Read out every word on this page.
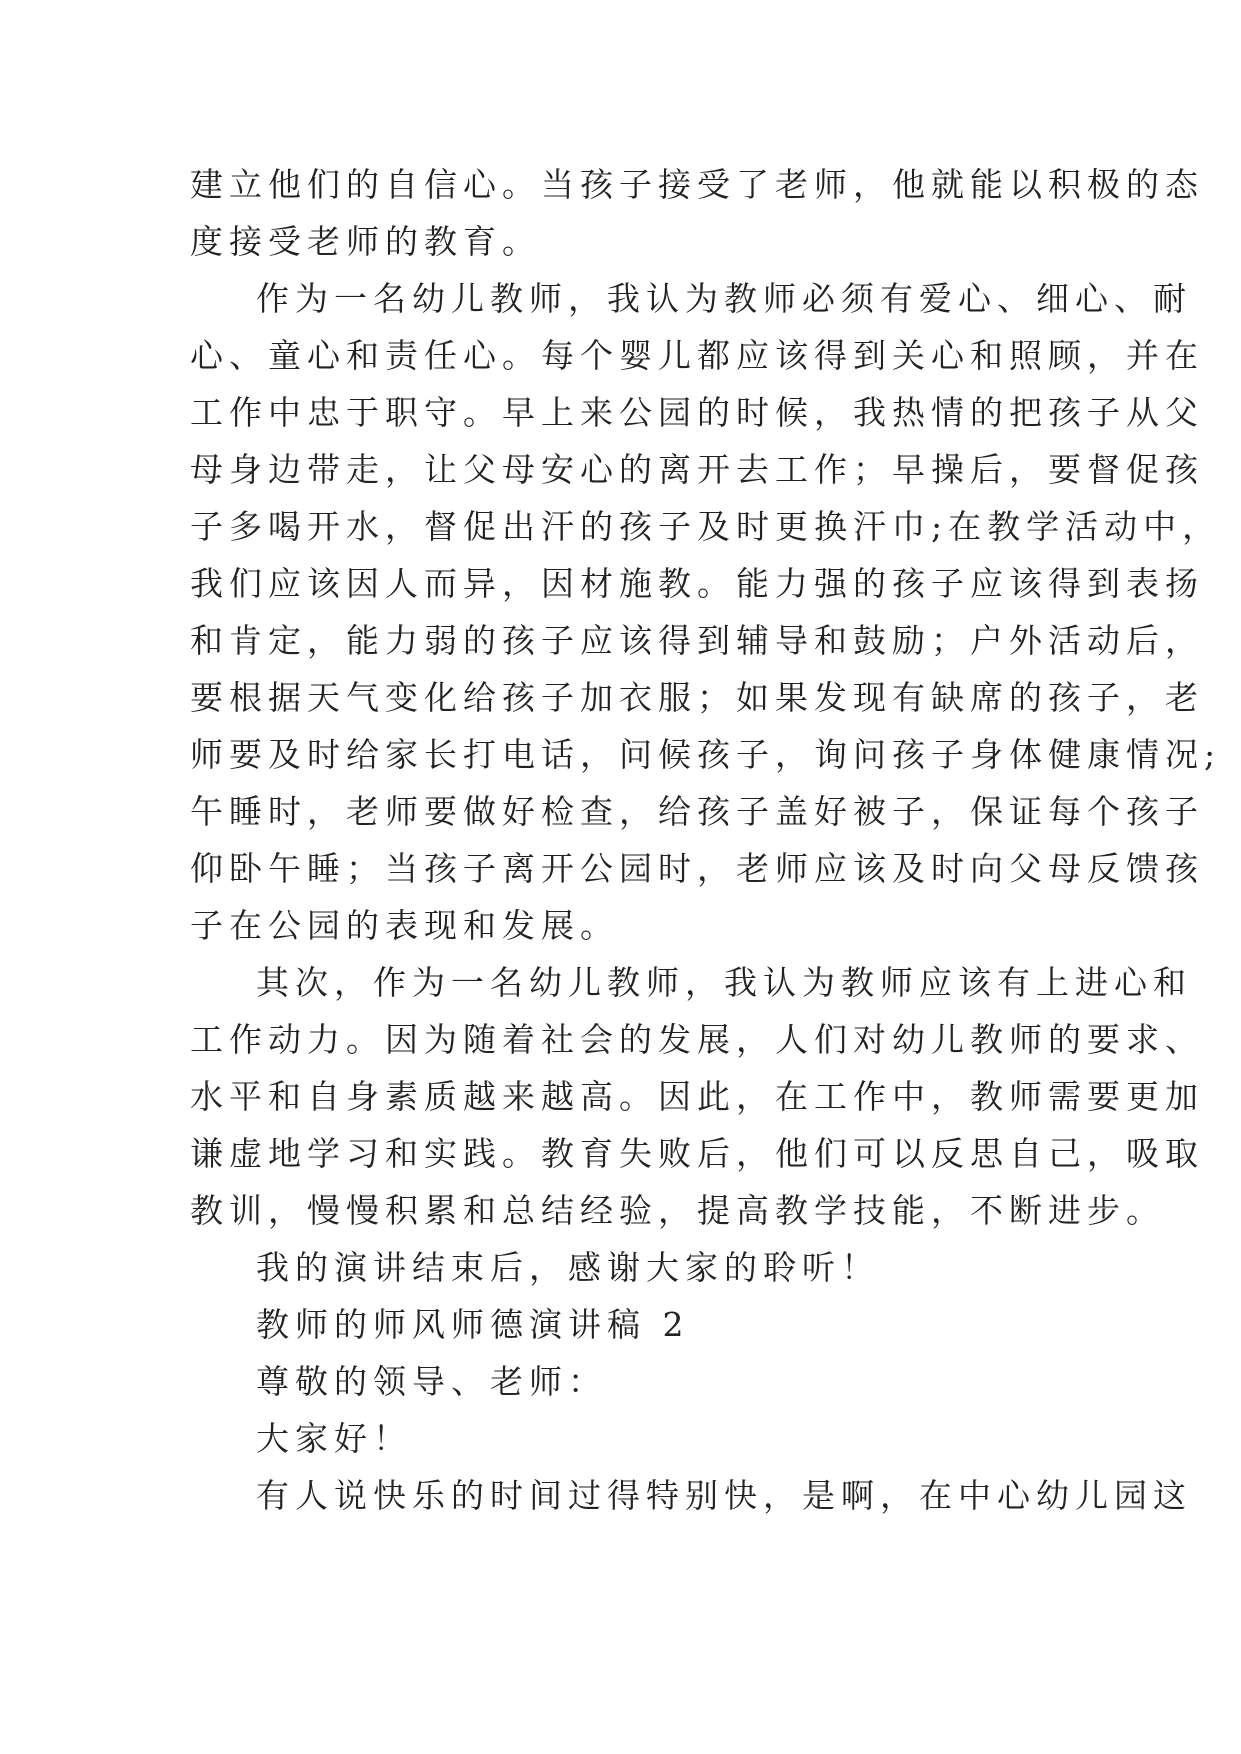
建立他们的自信心。当孩子接受了老师，他就能以积极的态
度接受老师的教育。

作为一名幼儿教师，我认为教师必须有爱心、细心、耐
心、童心和责任心。每个婴儿都应该得到关心和照顾，并在
工作中忠于职守。早上来公园的时候，我热情的把孩子从父
母身边带走，让父母安心的离开去工作；早操后，要督促孩
子多喝开水，督促出汗的孩子及时更换汗巾;在教学活动中，
我们应该因人而异，因材施教。能力强的孩子应该得到表扬
和肯定，能力弱的孩子应该得到辅导和鼓励；户外活动后，
要根据天气变化给孩子加衣服；如果发现有缺席的孩子，老
师要及时给家长打电话，问候孩子，询问孩子身体健康情况;
午睡时，老师要做好检查，给孩子盖好被子，保证每个孩子
仰卧午睡；当孩子离开公园时，老师应该及时向父母反馈孩
子在公园的表现和发展。

其次，作为一名幼儿教师，我认为教师应该有上进心和
工作动力。因为随着社会的发展，人们对幼儿教师的要求、
水平和自身素质越来越高。因此，在工作中，教师需要更加
谦虚地学习和实践。教育失败后，他们可以反思自己，吸取
教训，慢慢积累和总结经验，提高教学技能，不断进步。

我的演讲结束后，感谢大家的聆听！

教师的师风师德演讲稿 2

尊敬的领导、老师：

大家好！

有人说快乐的时间过得特别快，是啊，在中心幼儿园这
